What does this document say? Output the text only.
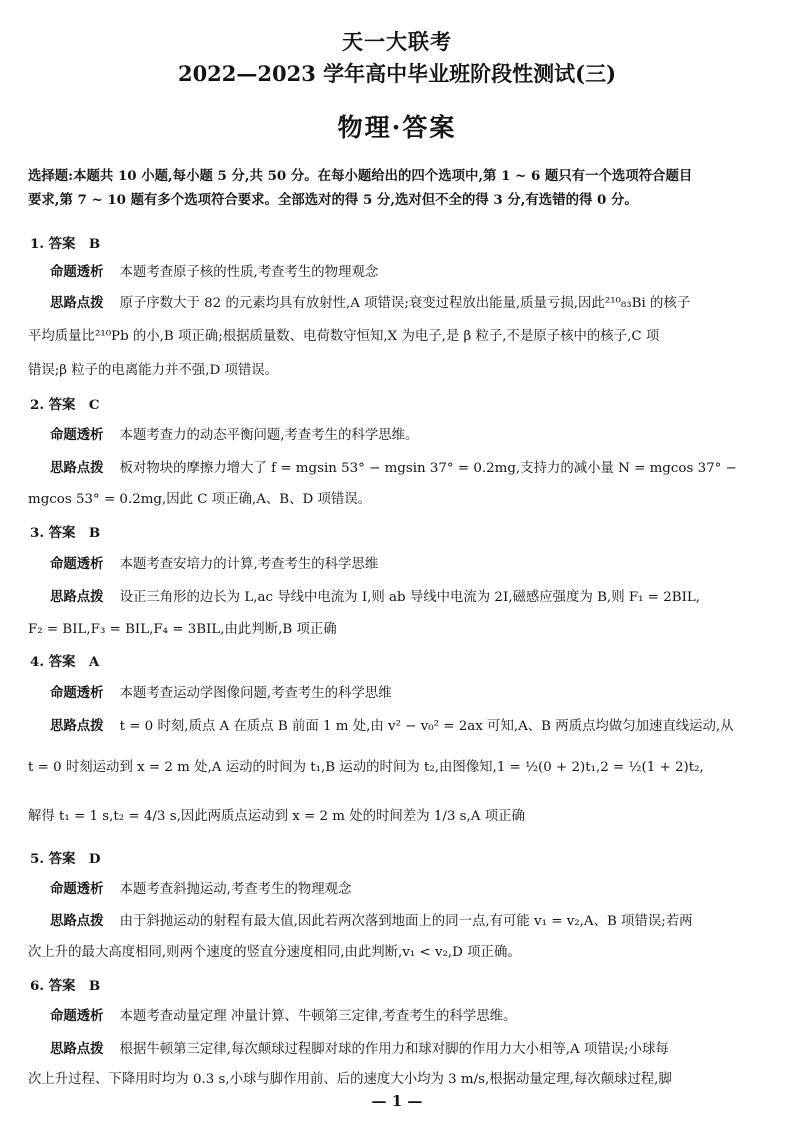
天一大联考
2022—2023 学年高中毕业班阶段性测试(三)
物理·答案
选择题:本题共 10 小题,每小题 5 分,共 50 分。在每小题给出的四个选项中,第 1 ~ 6 题只有一个选项符合题目
要求,第 7 ~ 10 题有多个选项符合要求。全部选对的得 5 分,选对但不全的得 3 分,有选错的得 0 分。
1. 答案　B
命题透析 本题考查原子核的性质,考查考生的物理观念
思路点拨 原子序数大于 82 的元素均具有放射性,A 项错误;衰变过程放出能量,质量亏损,因此²¹⁰₈₃Bi 的核子
平均质量比²¹⁰Pb 的小,B 项正确;根据质量数、电荷数守恒知,X 为电子,是 β 粒子,不是原子核中的核子,C 项
错误;β 粒子的电离能力并不强,D 项错误。
2. 答案　C
命题透析 本题考查力的动态平衡问题,考查考生的科学思维。
思路点拨 板对物块的摩擦力增大了 f = mgsin 53° − mgsin 37° = 0.2mg,支持力的减小量 N = mgcos 37° −
mgcos 53° = 0.2mg,因此 C 项正确,A、B、D 项错误。
3. 答案　B
命题透析 本题考查安培力的计算,考查考生的科学思维
思路点拨 设正三角形的边长为 L,ac 导线中电流为 I,则 ab 导线中电流为 2I,磁感应强度为 B,则 F₁ = 2BIL,
F₂ = BIL,F₃ = BIL,F₄ = 3BIL,由此判断,B 项正确
4. 答案　A
命题透析 本题考查运动学图像问题,考查考生的科学思维
思路点拨 t = 0 时刻,质点 A 在质点 B 前面 1 m 处,由 v² − v₀² = 2ax 可知,A、B 两质点均做匀加速直线运动,从
t = 0 时刻运动到 x = 2 m 处,A 运动的时间为 t₁,B 运动的时间为 t₂,由图像知,1 = ½(0 + 2)t₁,2 = ½(1 + 2)t₂,
解得 t₁ = 1 s,t₂ = 4/3 s,因此两质点运动到 x = 2 m 处的时间差为 1/3 s,A 项正确
5. 答案　D
命题透析 本题考查斜抛运动,考查考生的物理观念
思路点拨 由于斜抛运动的射程有最大值,因此若两次落到地面上的同一点,有可能 v₁ = v₂,A、B 项错误;若两
次上升的最大高度相同,则两个速度的竖直分速度相同,由此判断,v₁ < v₂,D 项正确。
6. 答案　B
命题透析 本题考查动量定理 冲量计算、牛顿第三定律,考查考生的科学思维。
思路点拨 根据牛顿第三定律,每次颠球过程脚对球的作用力和球对脚的作用力大小相等,A 项错误;小球每
次上升过程、下降用时均为 0.3 s,小球与脚作用前、后的速度大小均为 3 m/s,根据动量定理,每次颠球过程,脚
— 1 —
